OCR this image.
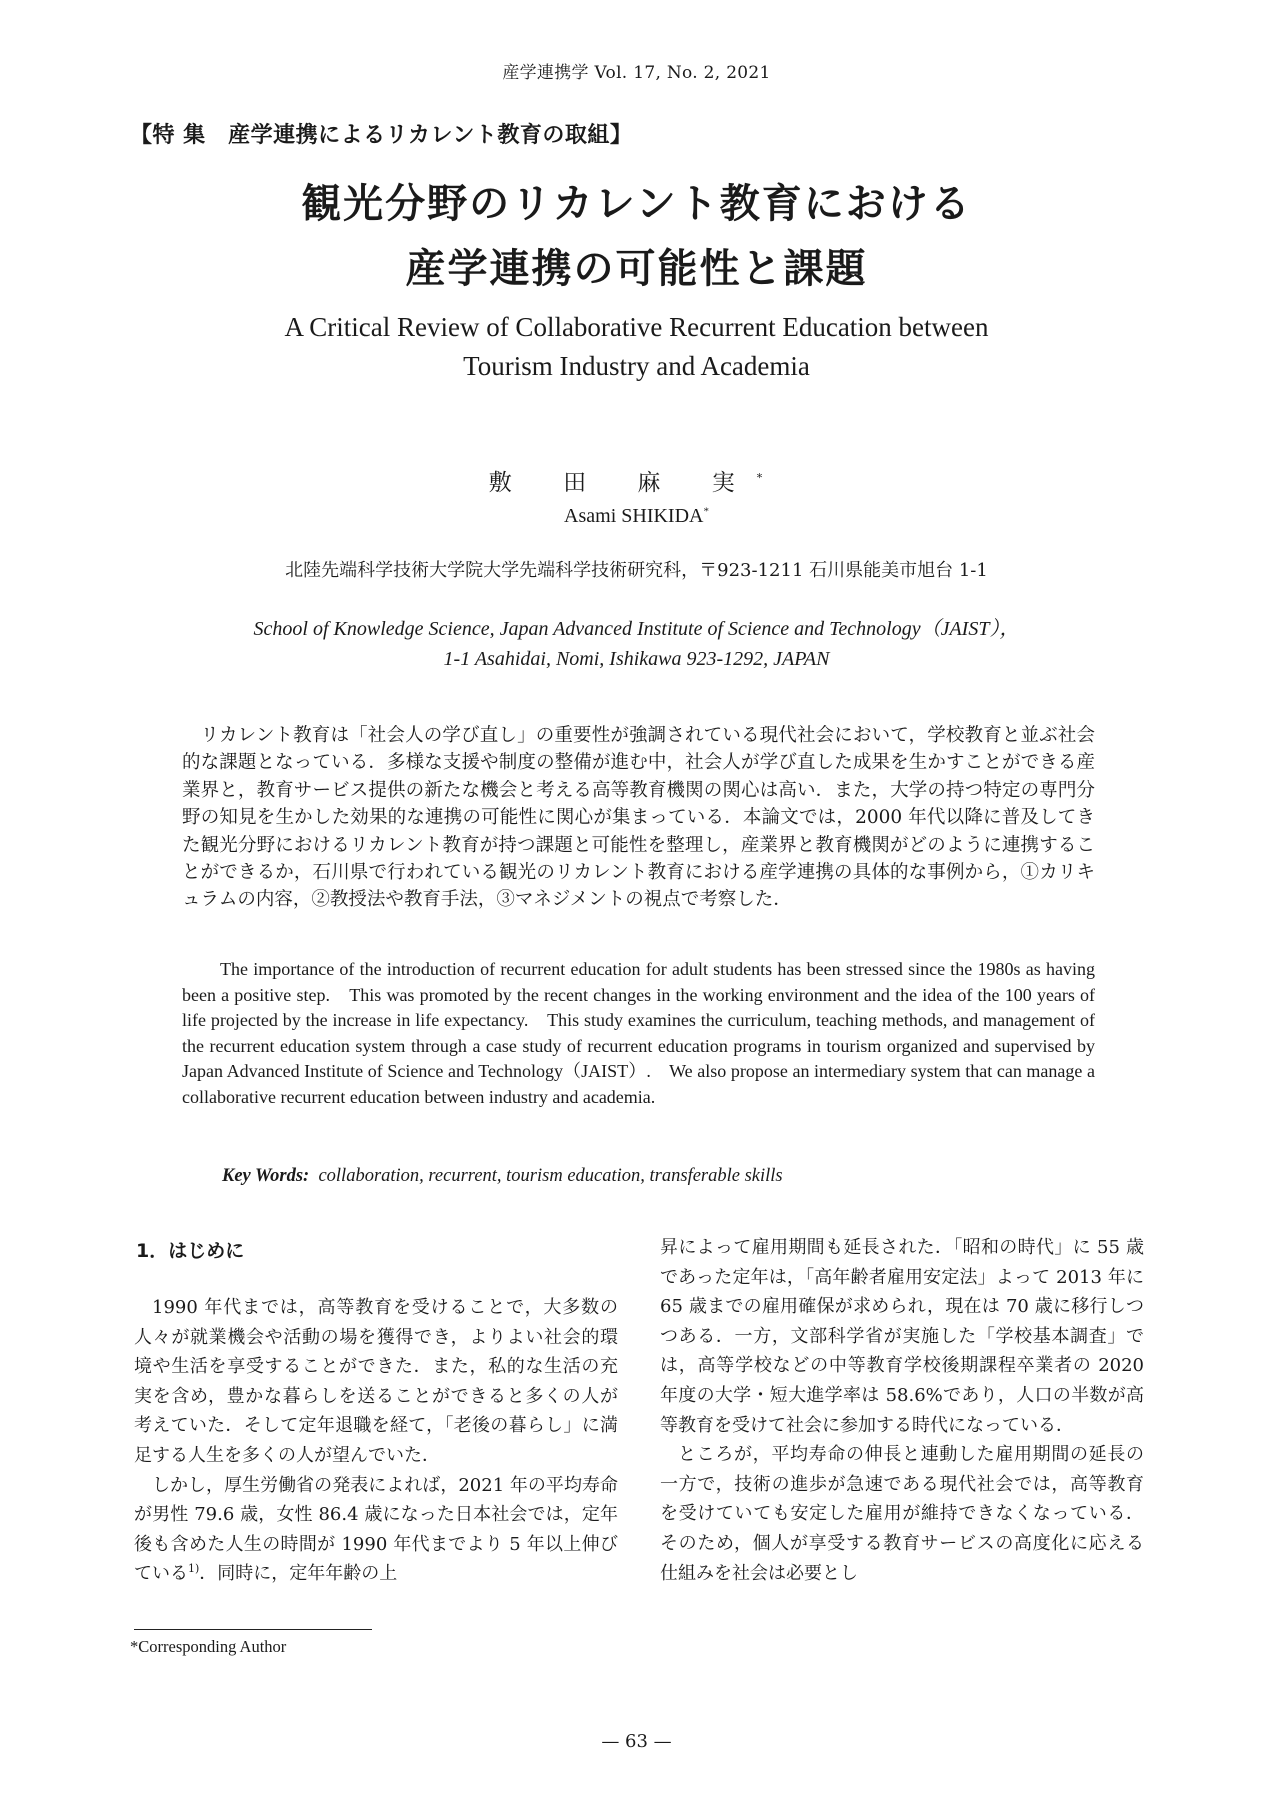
産学連携学 Vol. 17, No. 2, 2021
【特 集　産学連携によるリカレント教育の取組】
観光分野のリカレント教育における
産学連携の可能性と課題
A Critical Review of Collaborative Recurrent Education between
Tourism Industry and Academia
敷 田 麻 実*
Asami SHIKIDA*
北陸先端科学技術大学院大学先端科学技術研究科，〒923-1211 石川県能美市旭台 1-1
School of Knowledge Science, Japan Advanced Institute of Science and Technology（JAIST），
1-1 Asahidai, Nomi, Ishikawa 923-1292, JAPAN
リカレント教育は「社会人の学び直し」の重要性が強調されている現代社会において，学校教育と並ぶ社会的な課題となっている．多様な支援や制度の整備が進む中，社会人が学び直した成果を生かすことができる産業界と，教育サービス提供の新たな機会と考える高等教育機関の関心は高い．また，大学の持つ特定の専門分野の知見を生かした効果的な連携の可能性に関心が集まっている．本論文では，2000 年代以降に普及してきた観光分野におけるリカレント教育が持つ課題と可能性を整理し，産業界と教育機関がどのように連携することができるか，石川県で行われている観光のリカレント教育における産学連携の具体的な事例から，①カリキュラムの内容，②教授法や教育手法，③マネジメントの視点で考察した．

The importance of the introduction of recurrent education for adult students has been stressed since the 1980s as having been a positive step.　This was promoted by the recent changes in the working environment and the idea of the 100 years of life projected by the increase in life expectancy.　This study examines the curriculum, teaching methods, and management of the recurrent education system through a case study of recurrent education programs in tourism organized and supervised by Japan Advanced Institute of Science and Technology（JAIST）.　We also propose an intermediary system that can manage a collaborative recurrent education between industry and academia.

Key Words: collaboration, recurrent, tourism education, transferable skills
1．はじめに

1990 年代までは，高等教育を受けることで，大多数の人々が就業機会や活動の場を獲得でき，よりよい社会的環境や生活を享受することができた．また，私的な生活の充実を含め，豊かな暮らしを送ることができると多くの人が考えていた．そして定年退職を経て，「老後の暮らし」に満足する人生を多くの人が望んでいた．

しかし，厚生労働省の発表によれば，2021 年の平均寿命が男性 79.6 歳，女性 86.4 歳になった日本社会では，定年後も含めた人生の時間が 1990 年代までより 5 年以上伸びている$^{1)}$．同時に，定年年齢の上

昇によって雇用期間も延長された．「昭和の時代」に 55 歳であった定年は，「高年齢者雇用安定法」よって 2013 年に 65 歳までの雇用確保が求められ，現在は 70 歳に移行しつつある．一方，文部科学省が実施した「学校基本調査」では，高等学校などの中等教育学校後期課程卒業者の 2020 年度の大学・短大進学率は 58.6%であり，人口の半数が高等教育を受けて社会に参加する時代になっている．

ところが，平均寿命の伸長と連動した雇用期間の延長の一方で，技術の進歩が急速である現代社会では，高等教育を受けていても安定した雇用が維持できなくなっている．そのため，個人が享受する教育サービスの高度化に応える仕組みを社会は必要とし

*Corresponding Author
— 63 —
